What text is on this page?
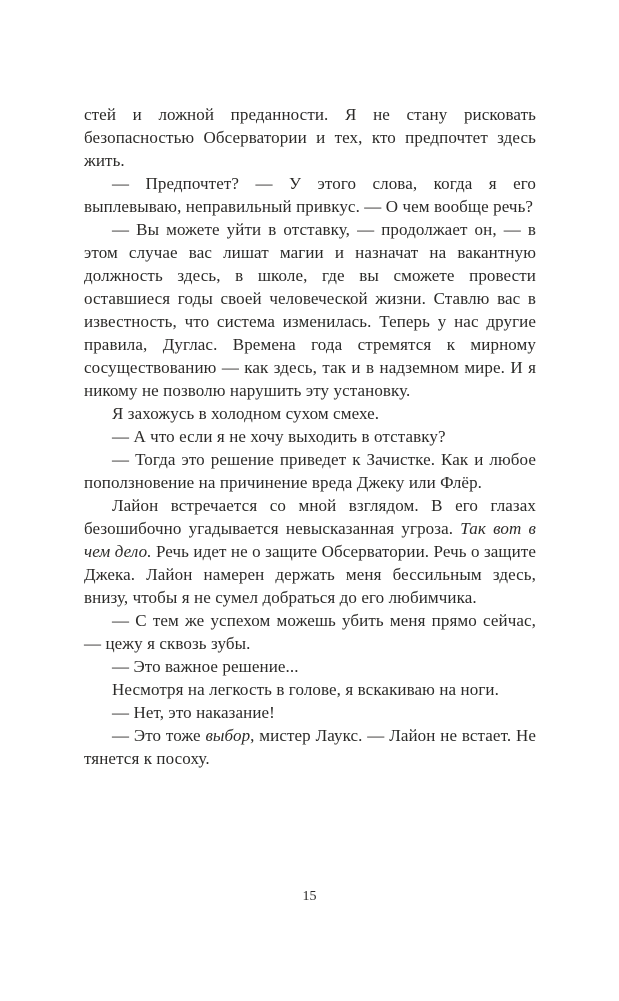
стей и ложной преданности. Я не стану рисковать безопасностью Обсерватории и тех, кто предпочтет здесь жить.

— Предпочтет? — У этого слова, когда я его выплевываю, неправильный привкус. — О чем вообще речь?

— Вы можете уйти в отставку, — продолжает он, — в этом случае вас лишат магии и назначат на вакантную должность здесь, в школе, где вы сможете провести оставшиеся годы своей человеческой жизни. Ставлю вас в известность, что система изменилась. Теперь у нас другие правила, Дуглас. Времена года стремятся к мирному сосуществованию — как здесь, так и в надземном мире. И я никому не позволю нарушить эту установку.

Я захожусь в холодном сухом смехе.

— А что если я не хочу выходить в отставку?

— Тогда это решение приведет к Зачистке. Как и любое поползновение на причинение вреда Джеку или Флёр.

Лайон встречается со мной взглядом. В его глазах безошибочно угадывается невысказанная угроза. Так вот в чем дело. Речь идет не о защите Обсерватории. Речь о защите Джека. Лайон намерен держать меня бессильным здесь, внизу, чтобы я не сумел добраться до его любимчика.

— С тем же успехом можешь убить меня прямо сейчас, — цежу я сквозь зубы.

— Это важное решение...

Несмотря на легкость в голове, я вскакиваю на ноги.

— Нет, это наказание!

— Это тоже выбор, мистер Лаукс. — Лайон не встает. Не тянется к посоху.

15
